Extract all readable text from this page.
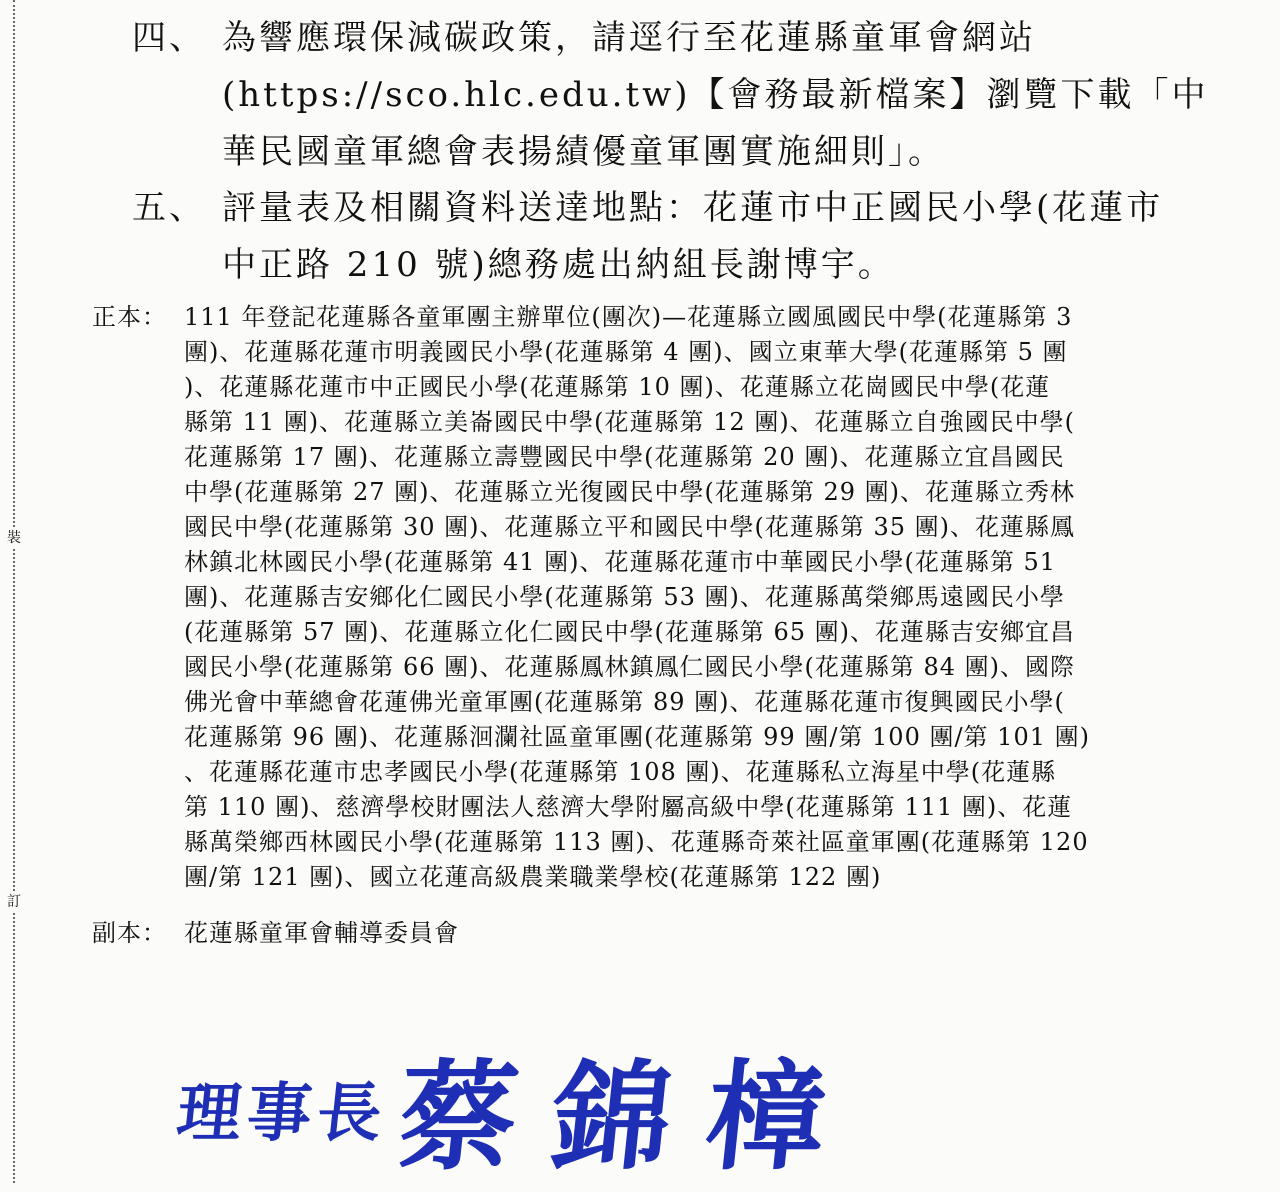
裝
訂
四、 為響應環保減碳政策，請逕行至花蓮縣童軍會網站
(https://sco.hlc.edu.tw)【會務最新檔案】瀏覽下載「中
華民國童軍總會表揚績優童軍團實施細則」。
五、 評量表及相關資料送達地點：花蓮市中正國民小學(花蓮市
中正路 210 號)總務處出納組長謝博宇。
正本： 111 年登記花蓮縣各童軍團主辦單位(團次)—花蓮縣立國風國民中學(花蓮縣第 3
團)、花蓮縣花蓮市明義國民小學(花蓮縣第 4 團)、國立東華大學(花蓮縣第 5 團
)、花蓮縣花蓮市中正國民小學(花蓮縣第 10 團)、花蓮縣立花崗國民中學(花蓮
縣第 11 團)、花蓮縣立美崙國民中學(花蓮縣第 12 團)、花蓮縣立自強國民中學(
花蓮縣第 17 團)、花蓮縣立壽豐國民中學(花蓮縣第 20 團)、花蓮縣立宜昌國民
中學(花蓮縣第 27 團)、花蓮縣立光復國民中學(花蓮縣第 29 團)、花蓮縣立秀林
國民中學(花蓮縣第 30 團)、花蓮縣立平和國民中學(花蓮縣第 35 團)、花蓮縣鳳
林鎮北林國民小學(花蓮縣第 41 團)、花蓮縣花蓮市中華國民小學(花蓮縣第 51
團)、花蓮縣吉安鄉化仁國民小學(花蓮縣第 53 團)、花蓮縣萬榮鄉馬遠國民小學
(花蓮縣第 57 團)、花蓮縣立化仁國民中學(花蓮縣第 65 團)、花蓮縣吉安鄉宜昌
國民小學(花蓮縣第 66 團)、花蓮縣鳳林鎮鳳仁國民小學(花蓮縣第 84 團)、國際
佛光會中華總會花蓮佛光童軍團(花蓮縣第 89 團)、花蓮縣花蓮市復興國民小學(
花蓮縣第 96 團)、花蓮縣洄瀾社區童軍團(花蓮縣第 99 團/第 100 團/第 101 團)
、花蓮縣花蓮市忠孝國民小學(花蓮縣第 108 團)、花蓮縣私立海星中學(花蓮縣
第 110 團)、慈濟學校財團法人慈濟大學附屬高級中學(花蓮縣第 111 團)、花蓮
縣萬榮鄉西林國民小學(花蓮縣第 113 團)、花蓮縣奇萊社區童軍團(花蓮縣第 120
團/第 121 團)、國立花蓮高級農業職業學校(花蓮縣第 122 團)
副本： 花蓮縣童軍會輔導委員會
理事長 蔡錦樟
